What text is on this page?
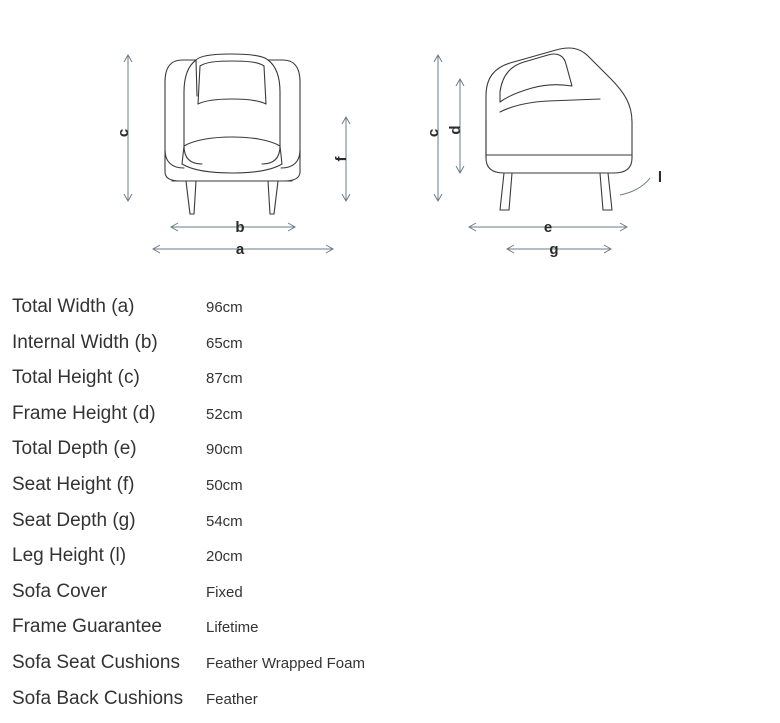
c
f
b
a
c d
l
e
g
Total Width (a)	96cm
Internal Width (b)	65cm
Total Height (c)	87cm
Frame Height (d)	52cm
Total Depth (e)	90cm
Seat Height (f)	50cm
Seat Depth (g)	54cm
Leg Height (l)	20cm
Sofa Cover	Fixed
Frame Guarantee	Lifetime
Sofa Seat Cushions	Feather Wrapped Foam
Sofa Back Cushions	Feather
